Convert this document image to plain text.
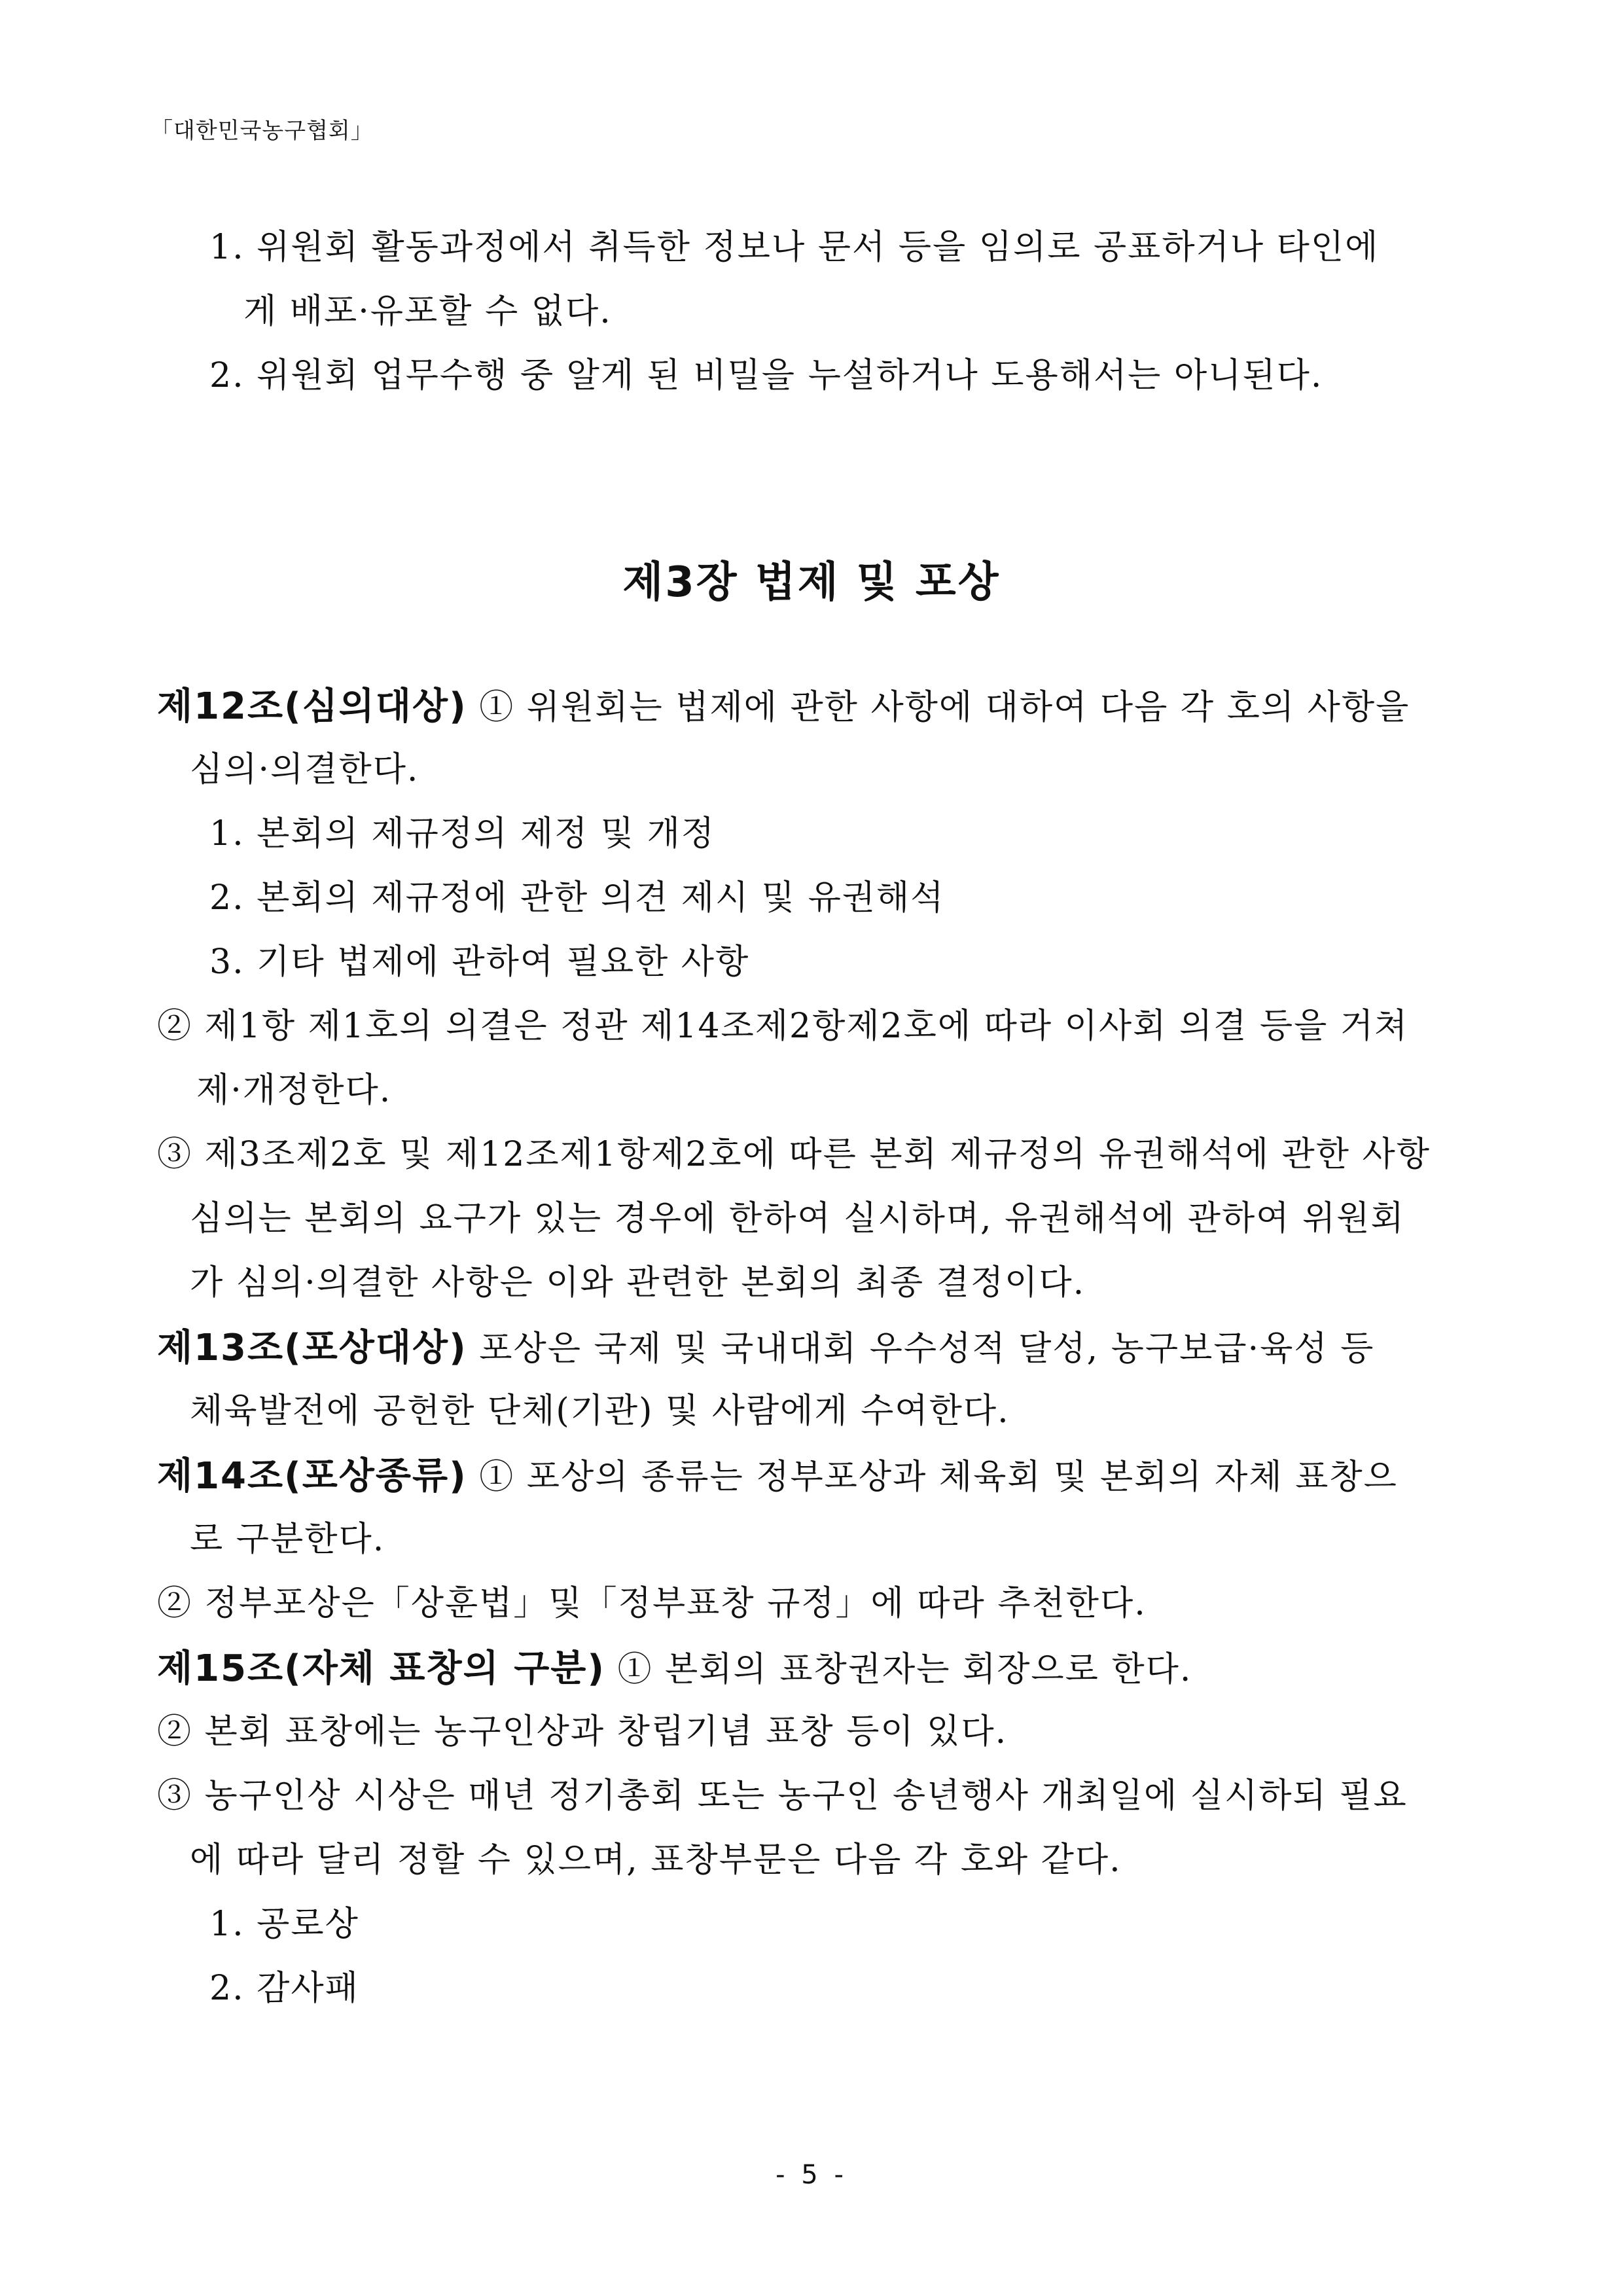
「대한민국농구협회」
1. 위원회 활동과정에서 취득한 정보나 문서 등을 임의로 공표하거나 타인에
게 배포·유포할 수 없다.
2. 위원회 업무수행 중 알게 된 비밀을 누설하거나 도용해서는 아니된다.
제3장 법제 및 포상
제12조(심의대상) ① 위원회는 법제에 관한 사항에 대하여 다음 각 호의 사항을
심의·의결한다.
1. 본회의 제규정의 제정 및 개정
2. 본회의 제규정에 관한 의견 제시 및 유권해석
3. 기타 법제에 관하여 필요한 사항
② 제1항 제1호의 의결은 정관 제14조제2항제2호에 따라 이사회 의결 등을 거쳐
제·개정한다.
③ 제3조제2호 및 제12조제1항제2호에 따른 본회 제규정의 유권해석에 관한 사항
심의는 본회의 요구가 있는 경우에 한하여 실시하며, 유권해석에 관하여 위원회
가 심의·의결한 사항은 이와 관련한 본회의 최종 결정이다.
제13조(포상대상) 포상은 국제 및 국내대회 우수성적 달성, 농구보급·육성 등
체육발전에 공헌한 단체(기관) 및 사람에게 수여한다.
제14조(포상종류) ① 포상의 종류는 정부포상과 체육회 및 본회의 자체 표창으
로 구분한다.
② 정부포상은「상훈법」및「정부표창 규정」에 따라 추천한다.
제15조(자체 표창의 구분) ① 본회의 표창권자는 회장으로 한다.
② 본회 표창에는 농구인상과 창립기념 표창 등이 있다.
③ 농구인상 시상은 매년 정기총회 또는 농구인 송년행사 개최일에 실시하되 필요
에 따라 달리 정할 수 있으며, 표창부문은 다음 각 호와 같다.
1. 공로상
2. 감사패
- 5 -
